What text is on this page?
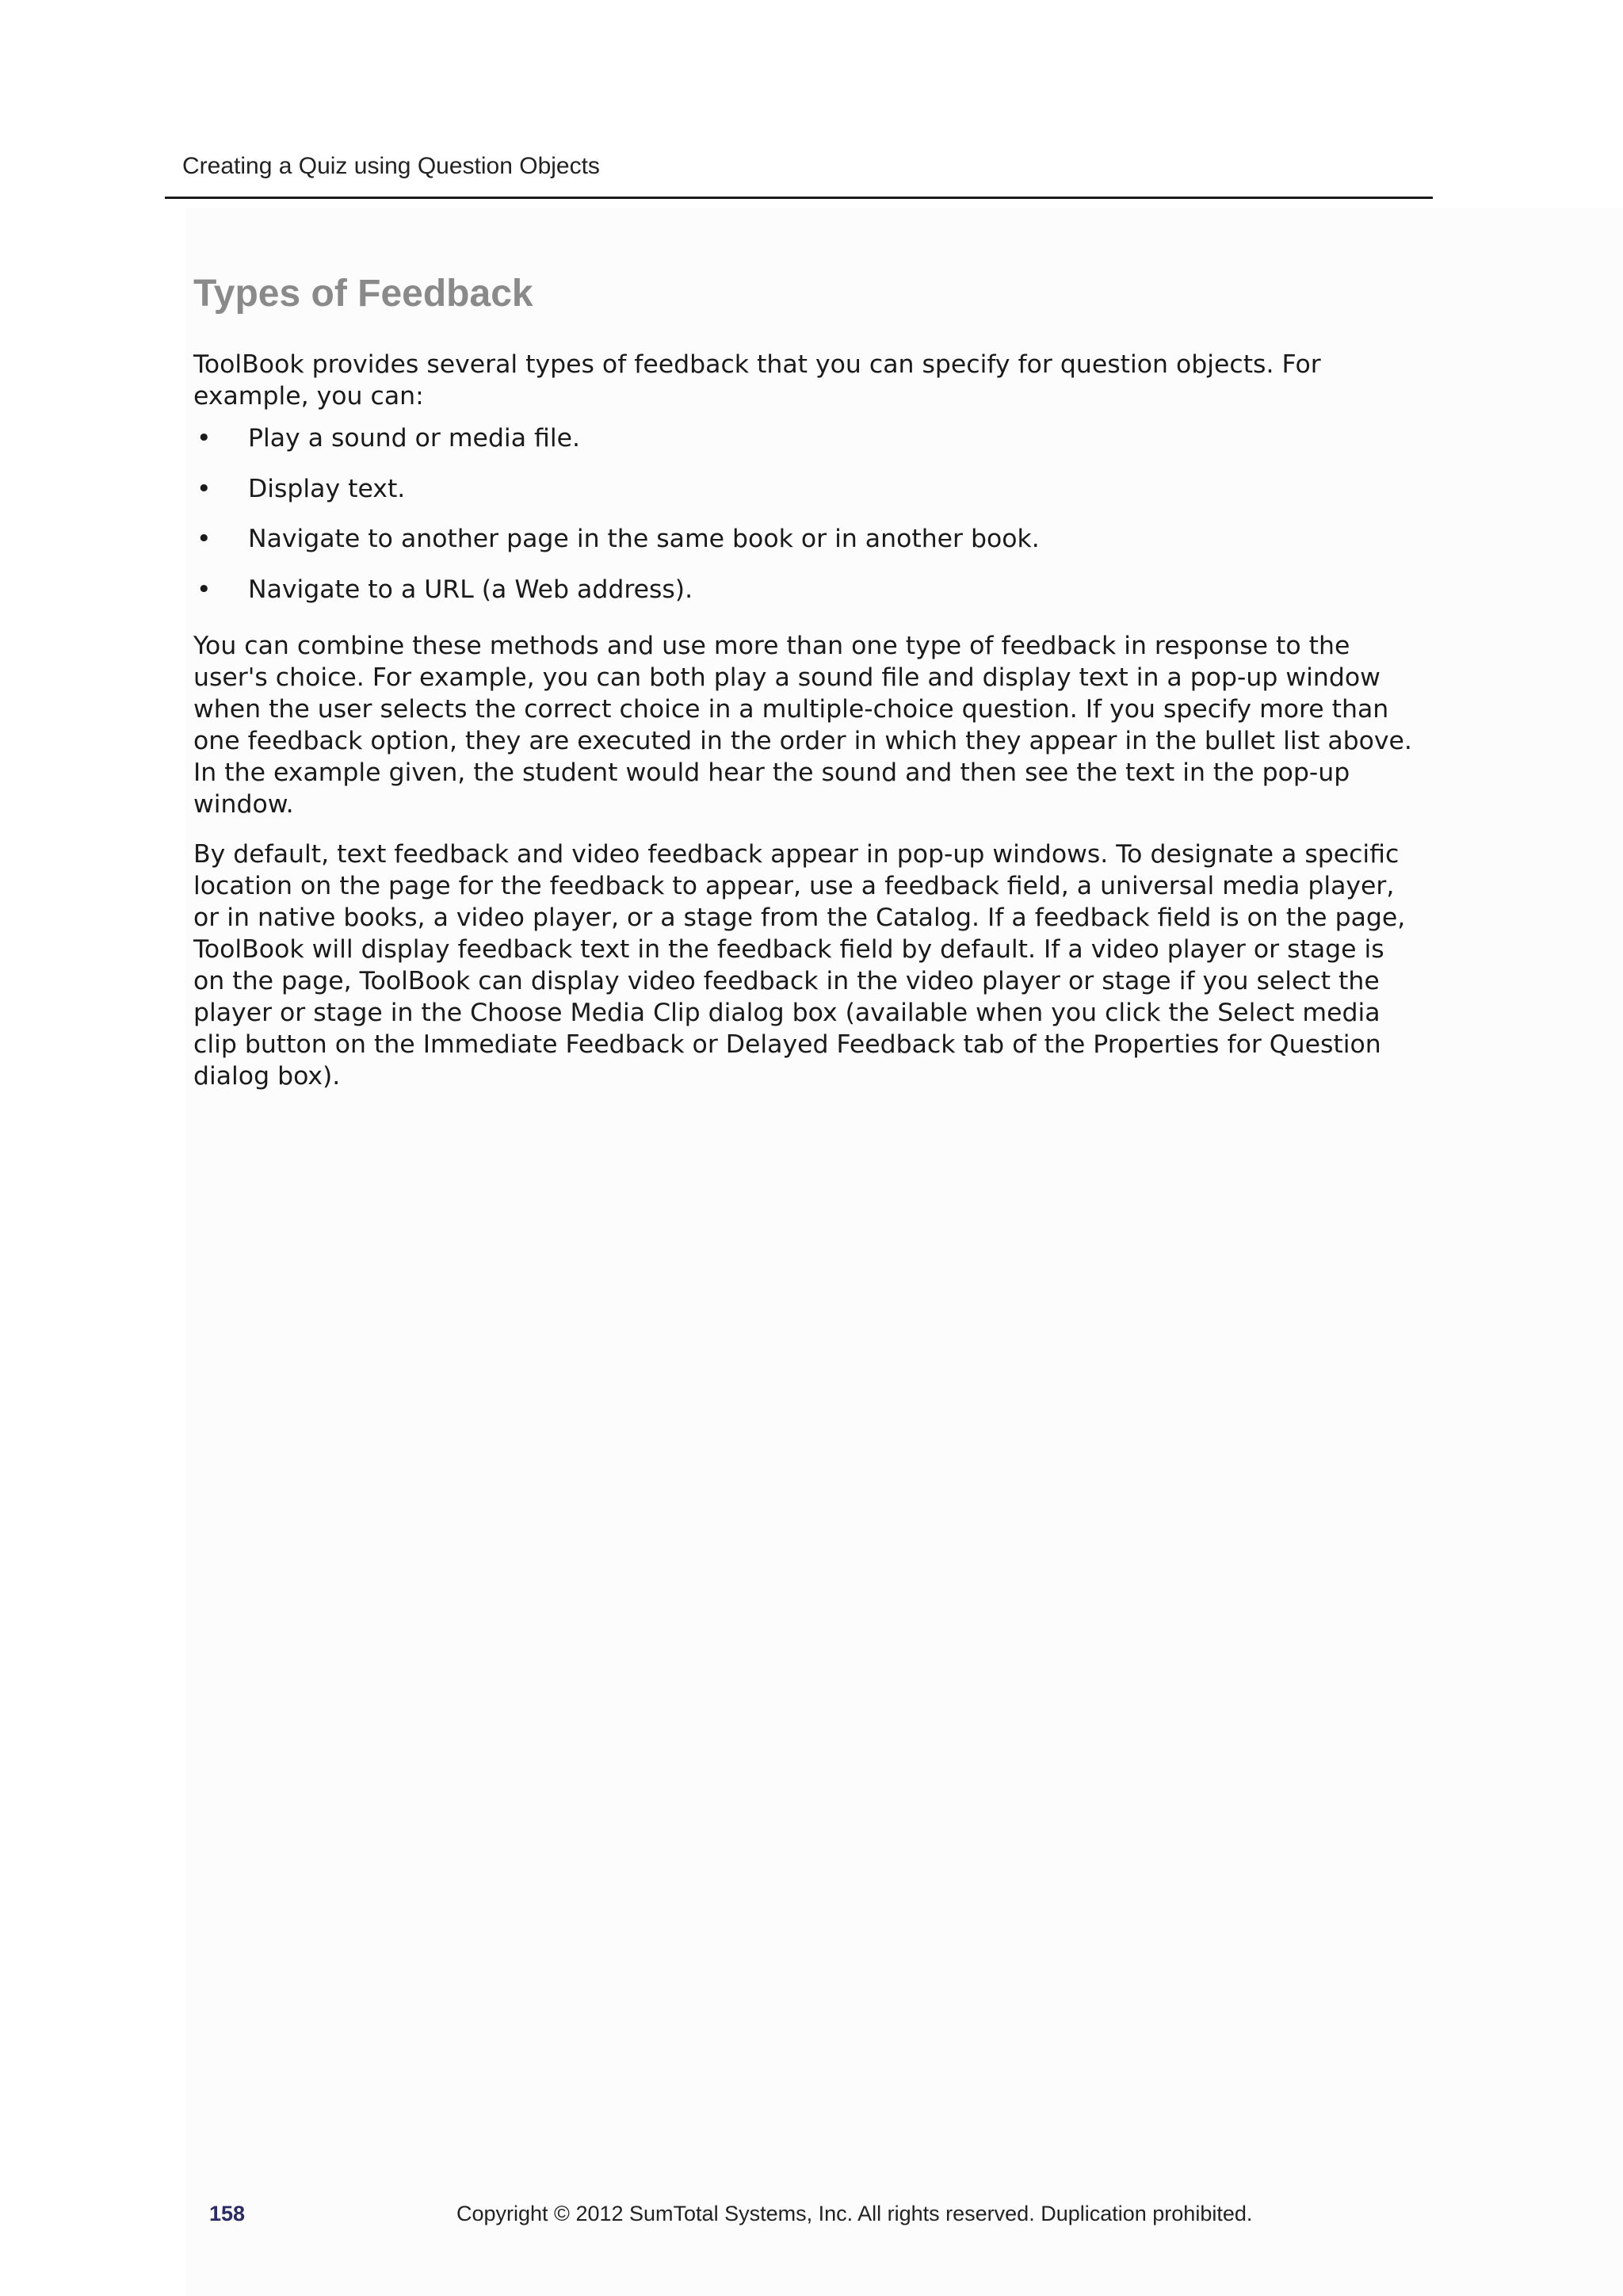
Creating a Quiz using Question Objects
Types of Feedback

ToolBook provides several types of feedback that you can specify for question objects. For example, you can:

• Play a sound or media file.
• Display text.
• Navigate to another page in the same book or in another book.
• Navigate to a URL (a Web address).

You can combine these methods and use more than one type of feedback in response to the user's choice. For example, you can both play a sound file and display text in a pop-up window when the user selects the correct choice in a multiple-choice question. If you specify more than one feedback option, they are executed in the order in which they appear in the bullet list above. In the example given, the student would hear the sound and then see the text in the pop-up window.

By default, text feedback and video feedback appear in pop-up windows. To designate a specific location on the page for the feedback to appear, use a feedback field, a universal media player, or in native books, a video player, or a stage from the Catalog. If a feedback field is on the page, ToolBook will display feedback text in the feedback field by default. If a video player or stage is on the page, ToolBook can display video feedback in the video player or stage if you select the player or stage in the Choose Media Clip dialog box (available when you click the Select media clip button on the Immediate Feedback or Delayed Feedback tab of the Properties for Question dialog box).

158	Copyright © 2012 SumTotal Systems, Inc. All rights reserved. Duplication prohibited.
